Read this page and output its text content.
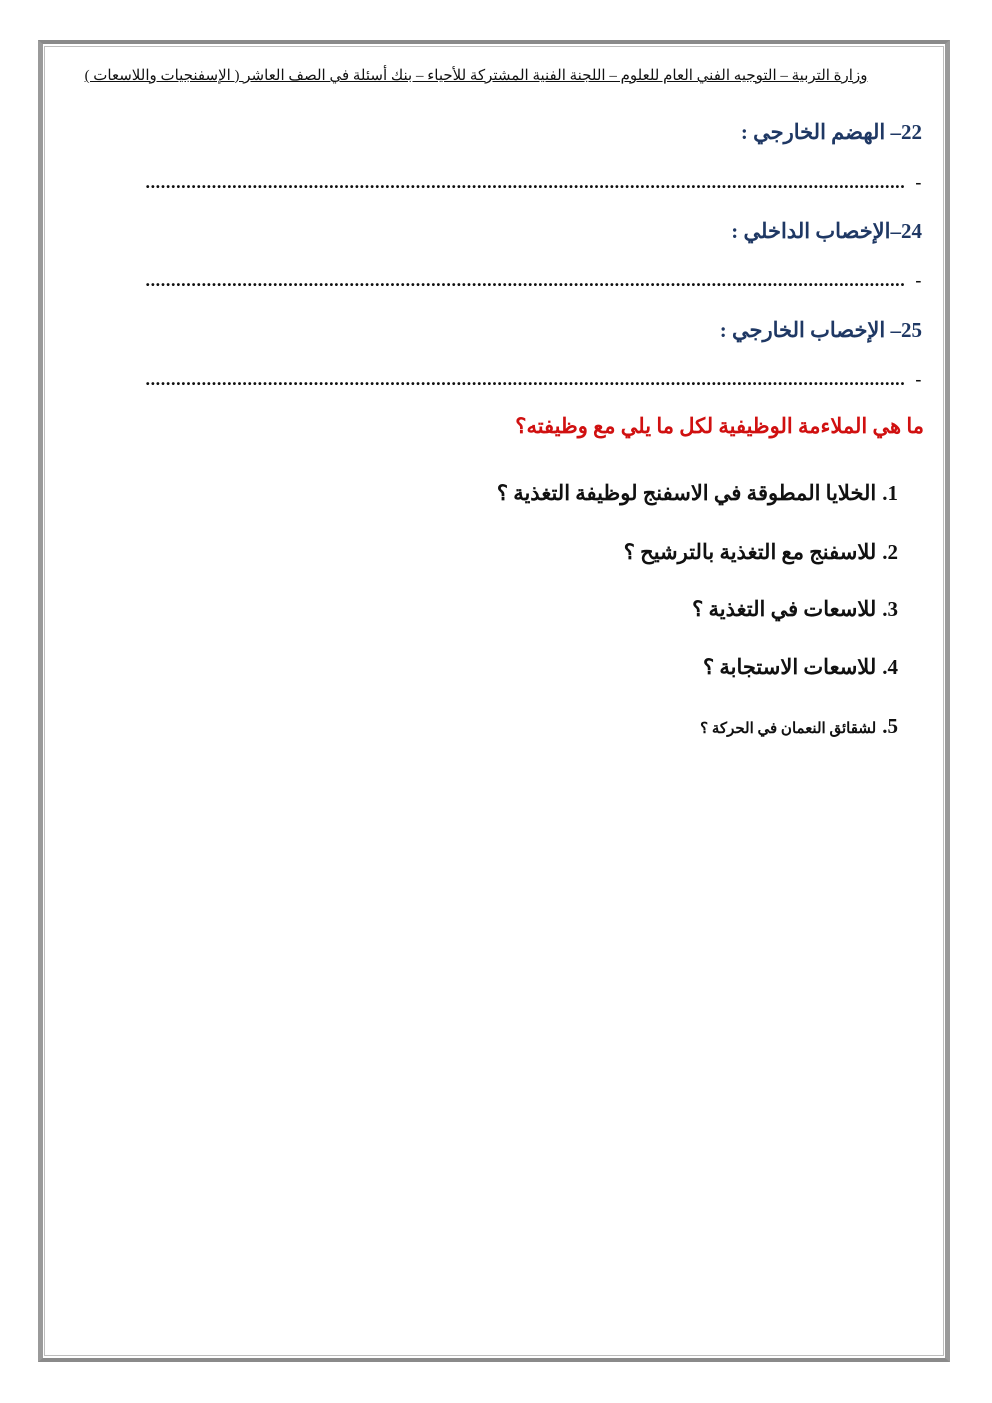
وزارة التربية – التوجيه الفني العام للعلوم – اللجنة الفنية المشتركة للأحياء – بنك أسئلة في الصف العاشر ( الإسفنجيات واللاسعات )
22– الهضم الخارجي :
-.....................................................................................................................................................
24–الإخصاب الداخلي :
-.....................................................................................................................................................
25– الإخصاب الخارجي :
-.....................................................................................................................................................
ما هي الملاءمة الوظيفية لكل ما يلي مع وظيفته؟
1.الخلايا المطوقة في الاسفنج لوظيفة التغذية ؟
2.للاسفنج مع التغذية بالترشيح ؟
3.للاسعات في التغذية ؟
4.للاسعات الاستجابة ؟
5.لشقائق النعمان في الحركة ؟
